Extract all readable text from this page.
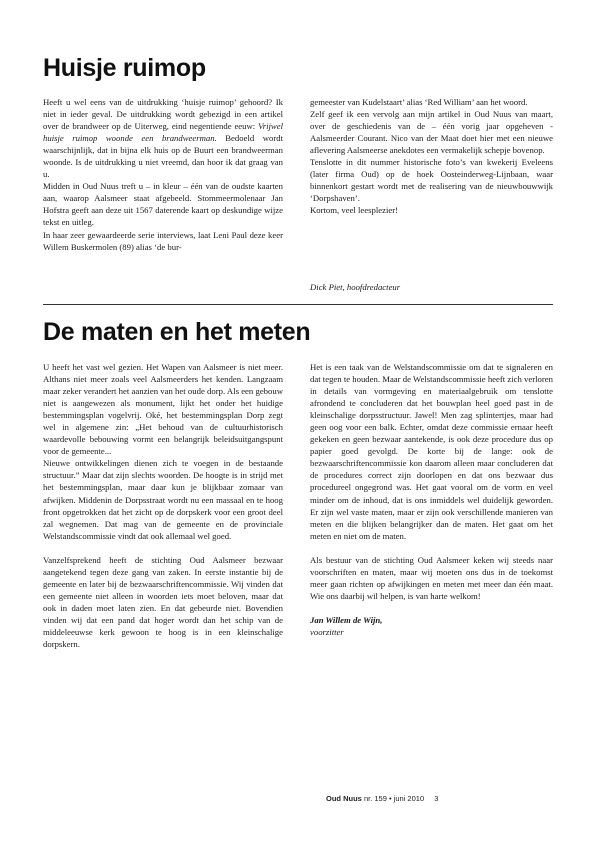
Huisje ruimop

Heeft u wel eens van de uitdrukking ‘huisje ruimop’ gehoord? Ik niet in ieder geval. De uitdrukking wordt gebezigd in een artikel over de brandweer op de Uiterweg, eind negentiende eeuw: Vrijwel huisje ruimop woonde een brandweerman. Bedoeld wordt waarschijnlijk, dat in bijna elk huis op de Buurt een brandweerman woonde. Is de uitdrukking u niet vreemd, dan hoor ik dat graag van u.

Midden in Oud Nuus treft u – in kleur – één van de oudste kaarten aan, waarop Aalsmeer staat afgebeeld. Stommeermolenaar Jan Hofstra geeft aan deze uit 1567 daterende kaart op deskundige wijze tekst en uitleg.

In haar zeer gewaardeerde serie interviews, laat Leni Paul deze keer Willem Buskermolen (89) alias ‘de bur-

gemeester van Kudelstaart’ alias ‘Red William’ aan het woord.

Zelf geef ik een vervolg aan mijn artikel in Oud Nuus van maart, over de geschiedenis van de – één vorig jaar opgeheven - Aalsmeerder Courant. Nico van der Maat doet hier met een nieuwe aflevering Aalsmeerse anekdotes een vermakelijk schepje bovenop.

Tenslotte in dit nummer historische foto’s van kwekerij Eveleens (later firma Oud) op de hoek Oosteinderweg-Lijnbaan, waar binnenkort gestart wordt met de realisering van de nieuwbouwwijk ‘Dorpshaven’.

Kortom, veel leesplezier!

Dick Piet, hoofdredacteur
De maten en het meten

U heeft het vast wel gezien. Het Wapen van Aalsmeer is niet meer. Althans niet meer zoals veel Aalsmeerders het kenden. Langzaam maar zeker verandert het aanzien van het oude dorp. Als een gebouw niet is aangewezen als monument, lijkt het onder het huidige bestemmingsplan vogelvrij. Oké, het bestemmingsplan Dorp zegt wel in algemene zin: „Het behoud van de cultuurhistorisch waardevolle bebouwing vormt een belangrijk beleidsuitgangspunt voor de gemeente...

Nieuwe ontwikkelingen dienen zich te voegen in de bestaande structuur.” Maar dat zijn slechts woorden. De hoogte is in strijd met het bestemmingsplan, maar daar kun je blijkbaar zomaar van afwijken. Middenin de Dorpsstraat wordt nu een massaal en te hoog front opgetrokken dat het zicht op de dorpskerk voor een groot deel zal wegnemen. Dat mag van de gemeente en de provinciale Welstandscommissie vindt dat ook allemaal wel goed.

Vanzelfsprekend heeft de stichting Oud Aalsmeer bezwaar aangetekend tegen deze gang van zaken. In eerste instantie bij de gemeente en later bij de bezwaarschriftencommissie. Wij vinden dat een gemeente niet alleen in woorden iets moet beloven, maar dat ook in daden moet laten zien. En dat gebeurde niet. Bovendien vinden wij dat een pand dat hoger wordt dan het schip van de middeleeuwse kerk gewoon te hoog is in een kleinschalige dorpskern.

Het is een taak van de Welstandscommissie om dat te signaleren en dat tegen te houden. Maar de Welstandscommissie heeft zich verloren in details van vormgeving en materiaalgebruik om tenslotte afrondend te concluderen dat het bouwplan heel goed past in de kleinschalige dorpsstructuur. Jawel! Men zag splintertjes, maar had geen oog voor een balk. Echter, omdat deze commissie ernaar heeft gekeken en geen bezwaar aantekende, is ook deze procedure dus op papier goed gevolgd. De korte bij de lange: ook de bezwaarschriftencommissie kon daarom alleen maar concluderen dat de procedures correct zijn doorlopen en dat ons bezwaar dus procedureel ongegrond was. Het gaat vooral om de vorm en veel minder om de inhoud, dat is ons inmiddels wel duidelijk geworden. Er zijn wel vaste maten, maar er zijn ook verschillende manieren van meten en die blijken belangrijker dan de maten. Het gaat om het meten en niet om de maten.

Als bestuur van de stichting Oud Aalsmeer keken wij steeds naar voorschriften en maten, maar wij moeten ons dus in de toekomst meer gaan richten op afwijkingen en meten met meer dan één maat. Wie ons daarbij wil helpen, is van harte welkom!

Jan Willem de Wijn,

voorzitter

Oud Nuus nr. 159 • juni 2010 3
